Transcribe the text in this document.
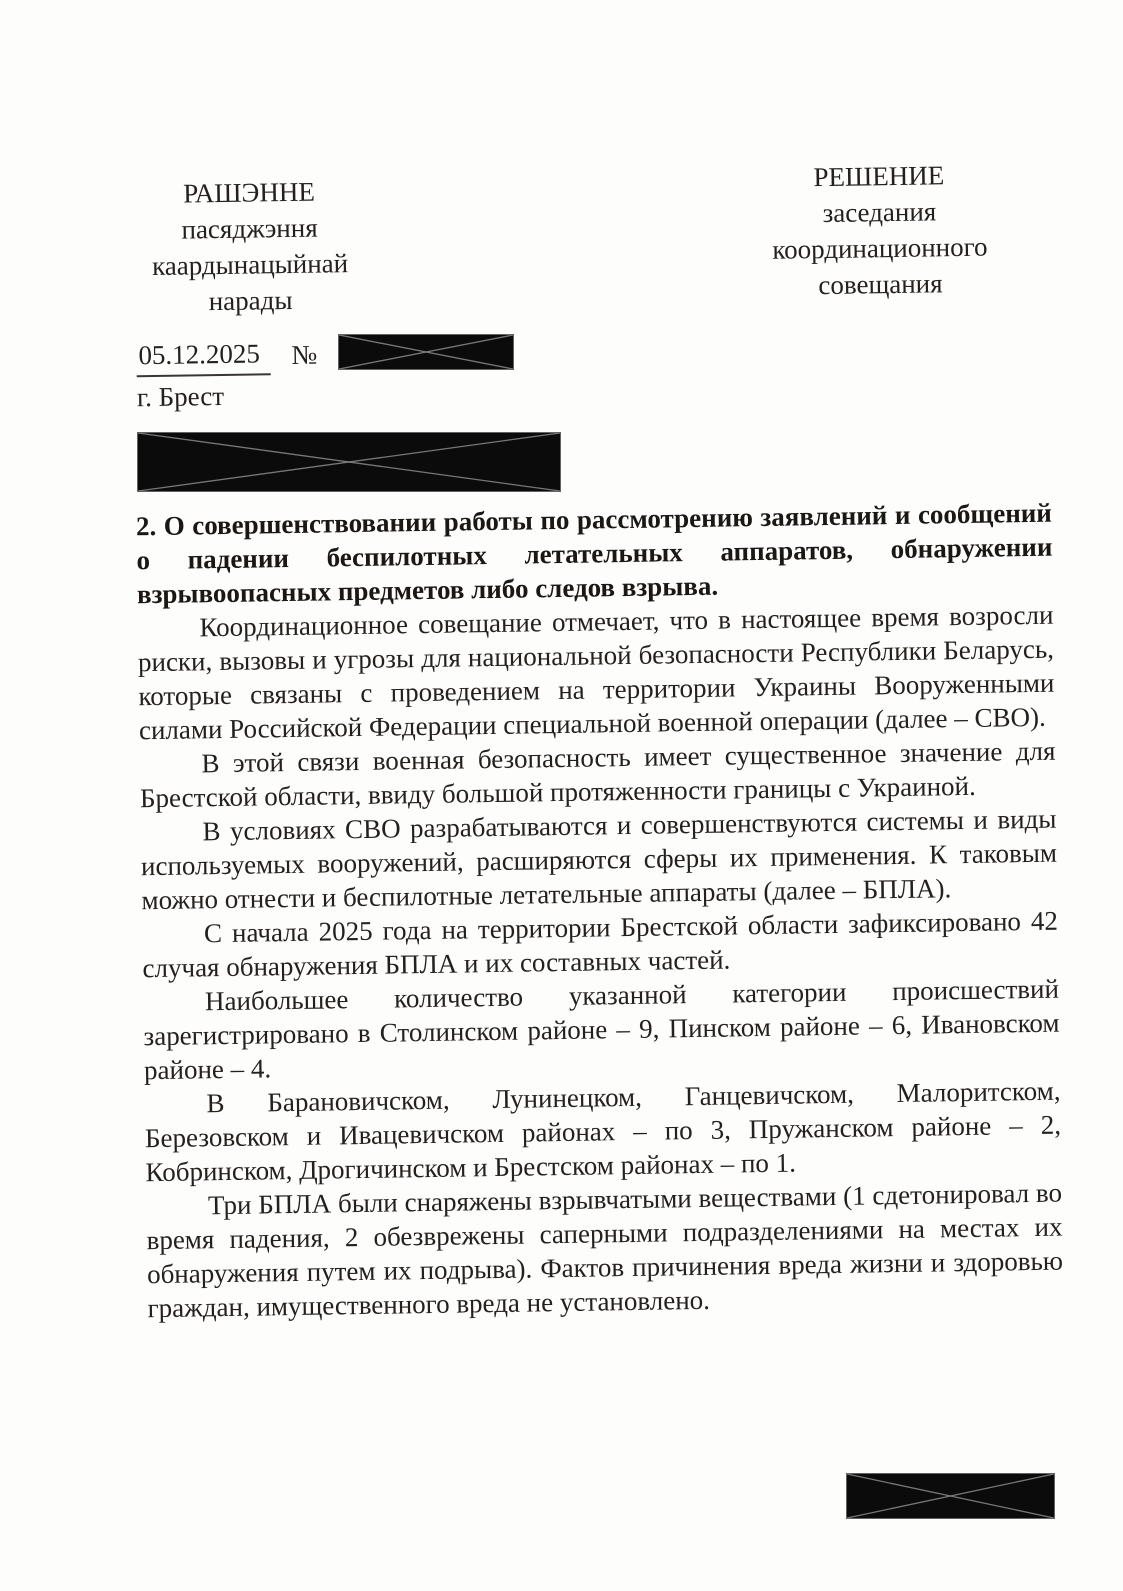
РАШЭННЕ
пасяджэння
каардынацыйнай
нарады
РЕШЕНИЕ
заседания
координационного
совещания
05.12.2025	№
г. Брест
2. О совершенствовании работы по рассмотрению заявлений и сообщений о падении беспилотных летательных аппаратов, обнаружении взрывоопасных предметов либо следов взрыва.

Координационное совещание отмечает, что в настоящее время возросли риски, вызовы и угрозы для национальной безопасности Республики Беларусь, которые связаны с проведением на территории Украины Вооруженными силами Российской Федерации специальной военной операции (далее – СВО).

В этой связи военная безопасность имеет существенное значение для Брестской области, ввиду большой протяженности границы с Украиной.

В условиях СВО разрабатываются и совершенствуются системы и виды используемых вооружений, расширяются сферы их применения. К таковым можно отнести и беспилотные летательные аппараты (далее – БПЛА).

С начала 2025 года на территории Брестской области зафиксировано 42 случая обнаружения БПЛА и их составных частей.

Наибольшее количество указанной категории происшествий зарегистрировано в Столинском районе – 9, Пинском районе – 6, Ивановском районе – 4.

В Барановичском, Лунинецком, Ганцевичском, Малоритском, Березовском и Ивацевичском районах – по 3, Пружанском районе – 2, Кобринском, Дрогичинском и Брестском районах – по 1.

Три БПЛА были снаряжены взрывчатыми веществами (1 сдетонировал во время падения, 2 обезврежены саперными подразделениями на местах их обнаружения путем их подрыва). Фактов причинения вреда жизни и здоровью граждан, имущественного вреда не установлено.
